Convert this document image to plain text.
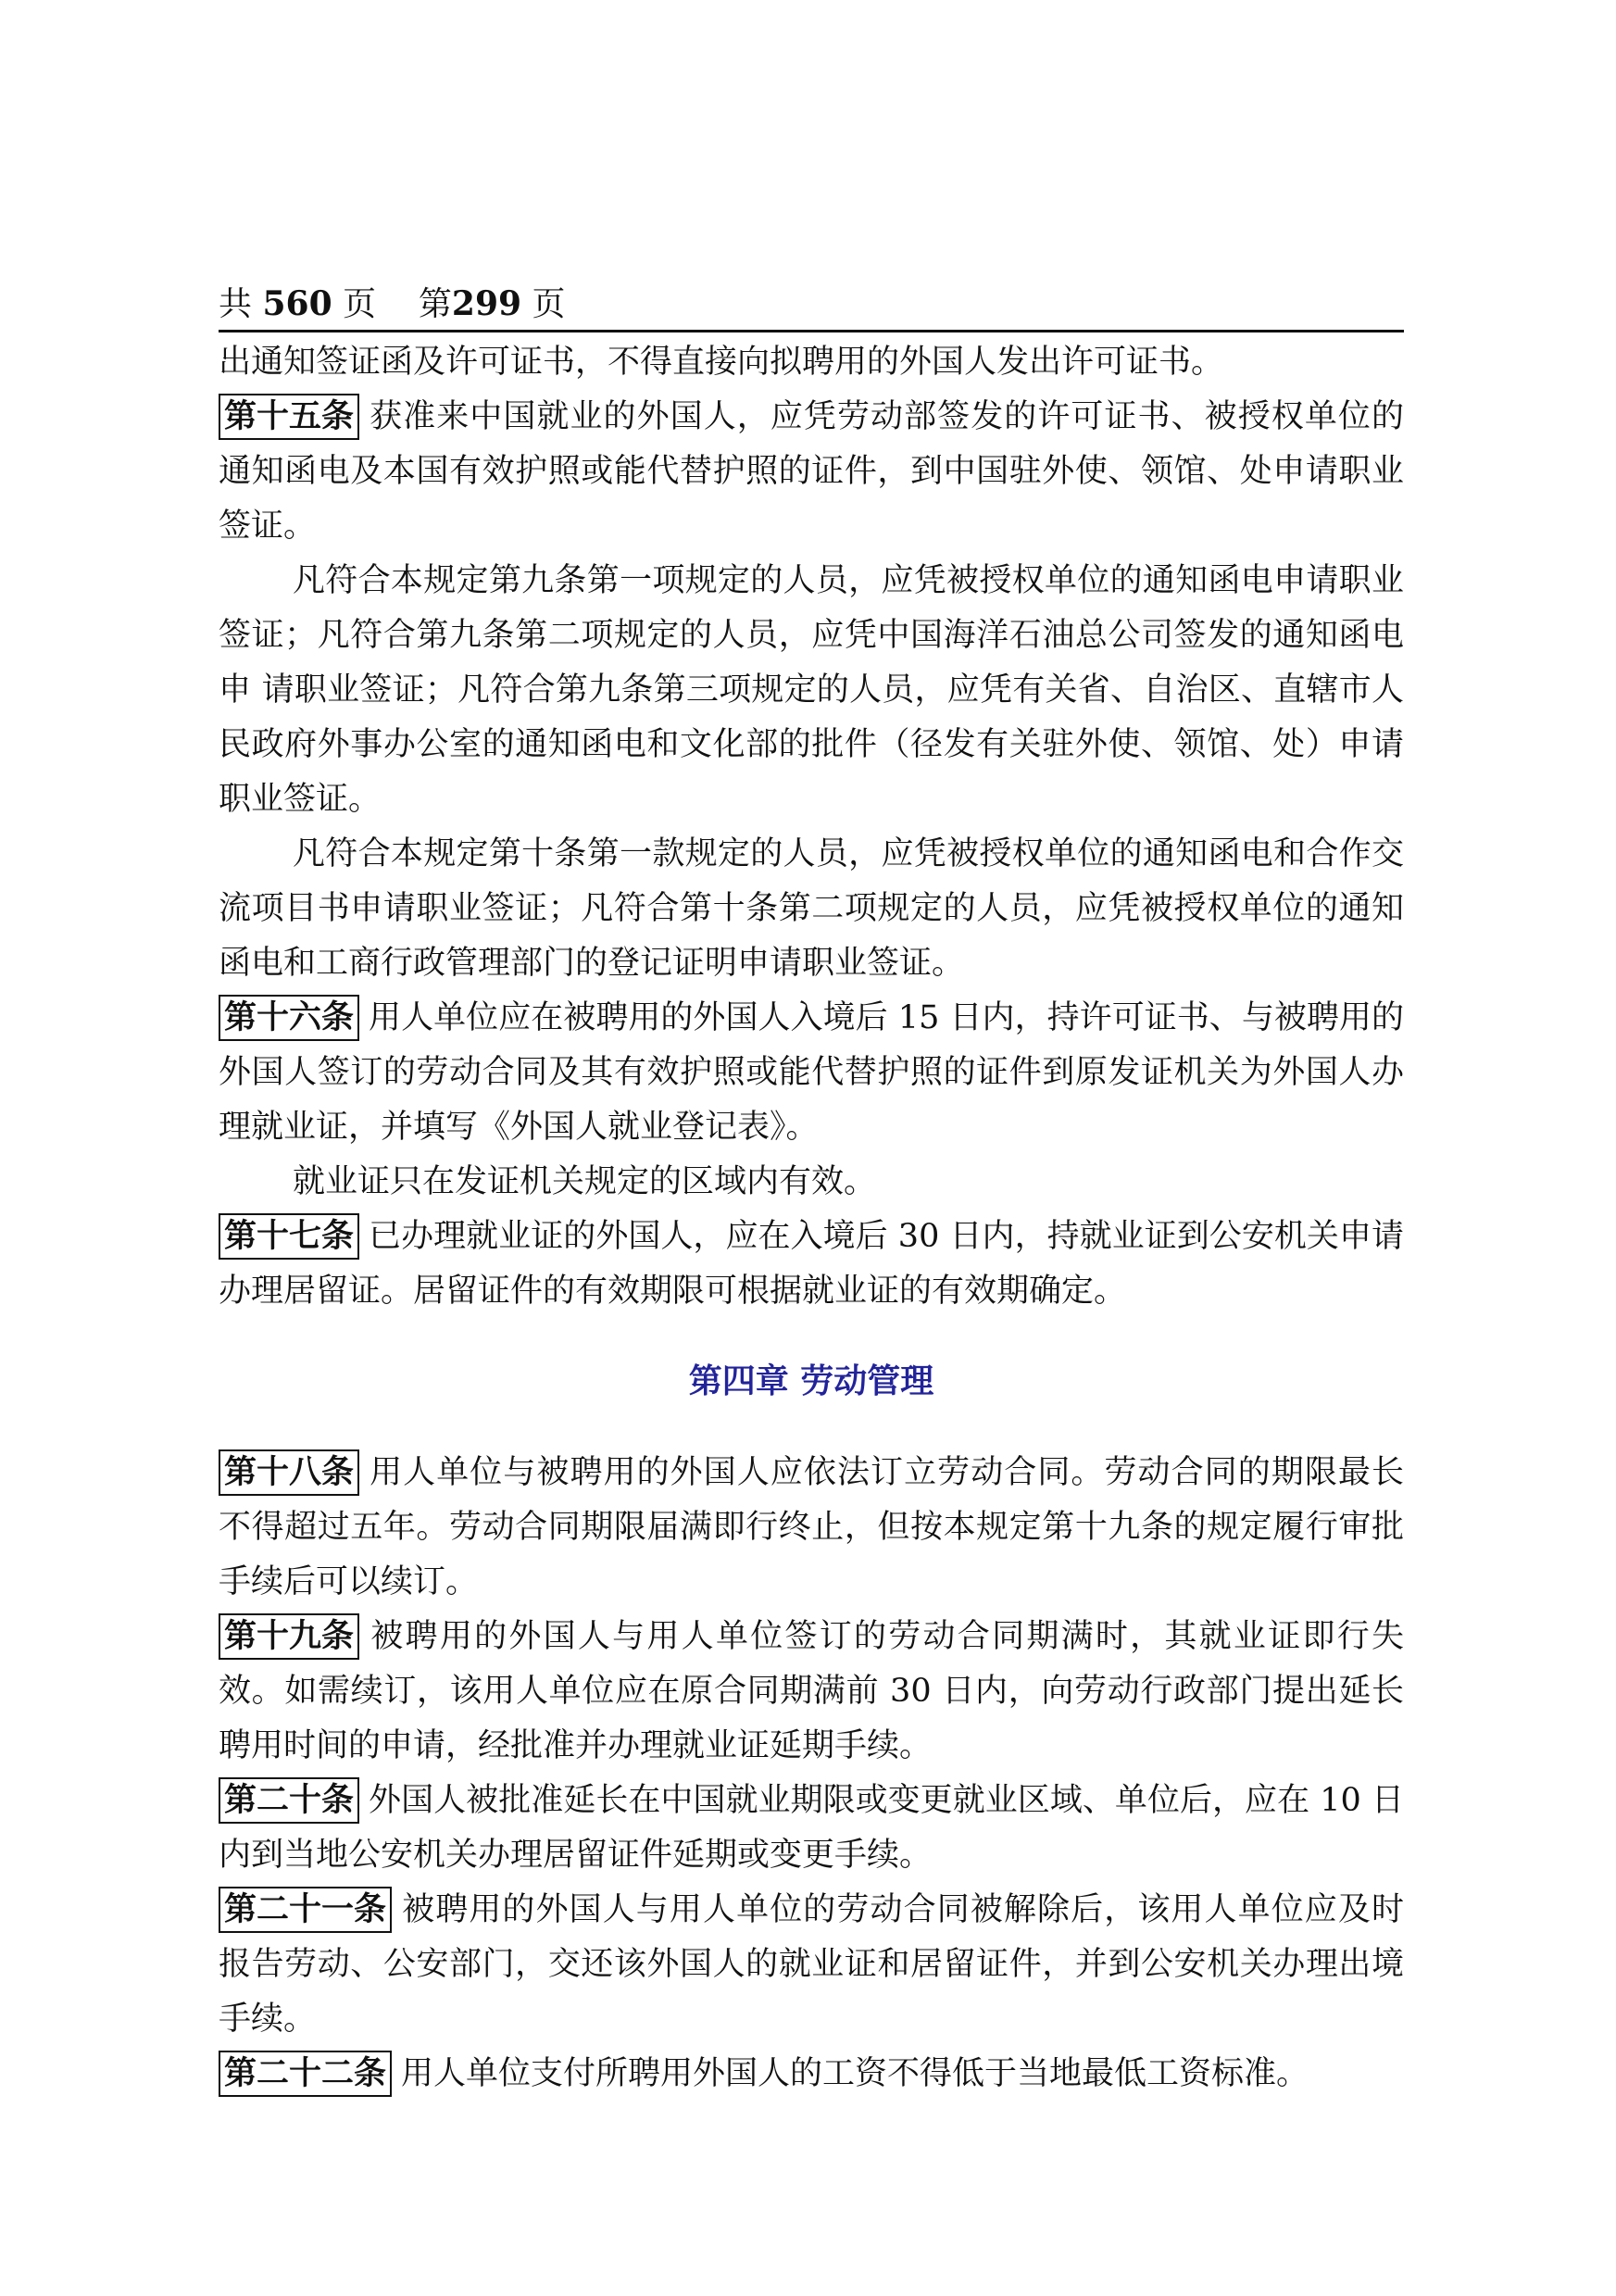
共 560 页 第299 页

出通知签证函及许可证书，不得直接向拟聘用的外国人发出许可证书。

第十五条 获准来中国就业的外国人，应凭劳动部签发的许可证书、被授权单位的通知函电及本国有效护照或能代替护照的证件，到中国驻外使、领馆、处申请职业签证。

凡符合本规定第九条第一项规定的人员，应凭被授权单位的通知函电申请职业签证；凡符合第九条第二项规定的人员，应凭中国海洋石油总公司签发的通知函电申 请职业签证；凡符合第九条第三项规定的人员，应凭有关省、自治区、直辖市人民政府外事办公室的通知函电和文化部的批件（径发有关驻外使、领馆、处）申请 职业签证。

凡符合本规定第十条第一款规定的人员，应凭被授权单位的通知函电和合作交流项目书申请职业签证；凡符合第十条第二项规定的人员，应凭被授权单位的通知函电和工商行政管理部门的登记证明申请职业签证。

第十六条 用人单位应在被聘用的外国人入境后 15 日内，持许可证书、与被聘用的外国人签订的劳动合同及其有效护照或能代替护照的证件到原发证机关为外国人办理就业证，并填写《外国人就业登记表》。

就业证只在发证机关规定的区域内有效。

第十七条 已办理就业证的外国人，应在入境后 30 日内，持就业证到公安机关申请办理居留证。居留证件的有效期限可根据就业证的有效期确定。

第四章 劳动管理

第十八条 用人单位与被聘用的外国人应依法订立劳动合同。劳动合同的期限最长不得超过五年。劳动合同期限届满即行终止，但按本规定第十九条的规定履行审批手续后可以续订。

第十九条 被聘用的外国人与用人单位签订的劳动合同期满时，其就业证即行失效。如需续订，该用人单位应在原合同期满前 30 日内，向劳动行政部门提出延长聘用时间的申请，经批准并办理就业证延期手续。

第二十条 外国人被批准延长在中国就业期限或变更就业区域、单位后，应在 10 日内到当地公安机关办理居留证件延期或变更手续。

第二十一条 被聘用的外国人与用人单位的劳动合同被解除后，该用人单位应及时报告劳动、公安部门，交还该外国人的就业证和居留证件，并到公安机关办理出境手续。

第二十二条 用人单位支付所聘用外国人的工资不得低于当地最低工资标准。
